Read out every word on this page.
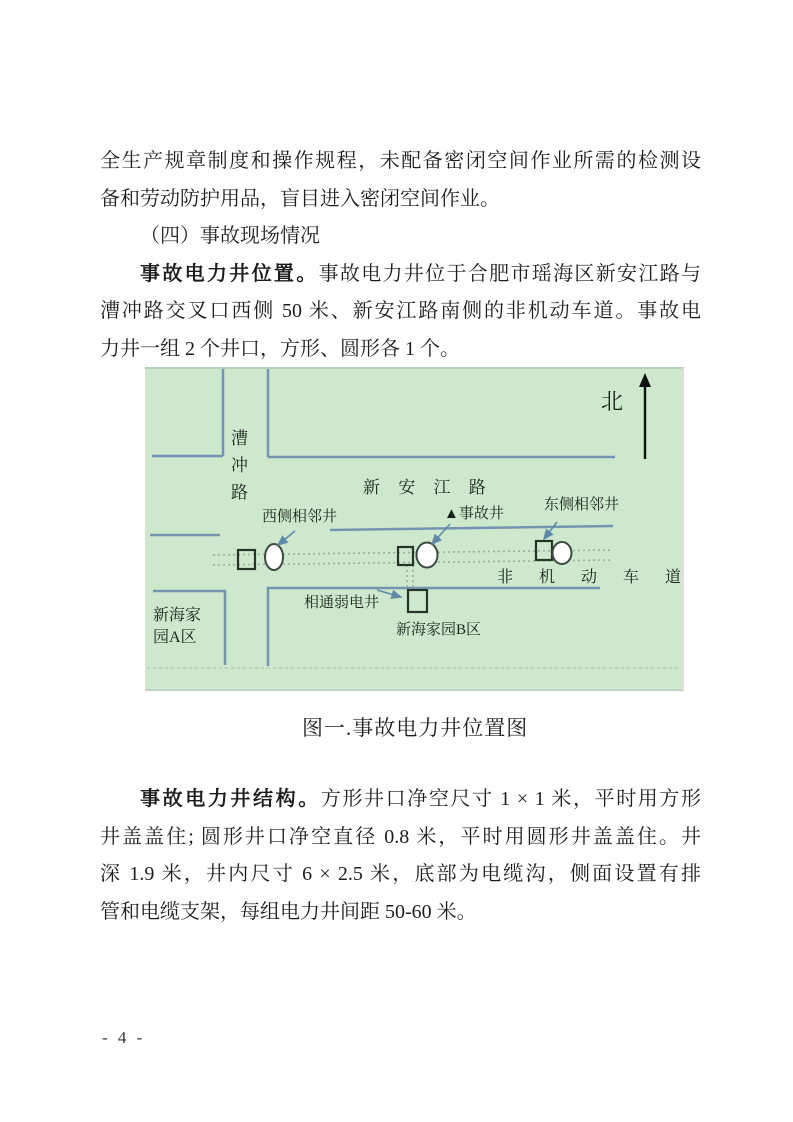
全生产规章制度和操作规程，未配备密闭空间作业所需的检测设
备和劳动防护用品，盲目进入密闭空间作业。
（四）事故现场情况
事故电力井位置。事故电力井位于合肥市瑶海区新安江路与
漕冲路交叉口西侧 50 米、新安江路南侧的非机动车道。事故电
力井一组 2 个井口，方形、圆形各 1 个。
北
漕冲路	新 安 江 路
西侧相邻井	▲事故井
东侧相邻井
非 机 动 车 道
相通弱电井
新海家
园A区	新海家园B区
图一.事故电力井位置图
事故电力井结构。方形井口净空尺寸 1 × 1 米，平时用方形
井盖盖住; 圆形井口净空直径 0.8 米，平时用圆形井盖盖住。井
深 1.9 米，井内尺寸 6 × 2.5 米，底部为电缆沟，侧面设置有排
管和电缆支架，每组电力井间距 50-60 米。
- 4 -
